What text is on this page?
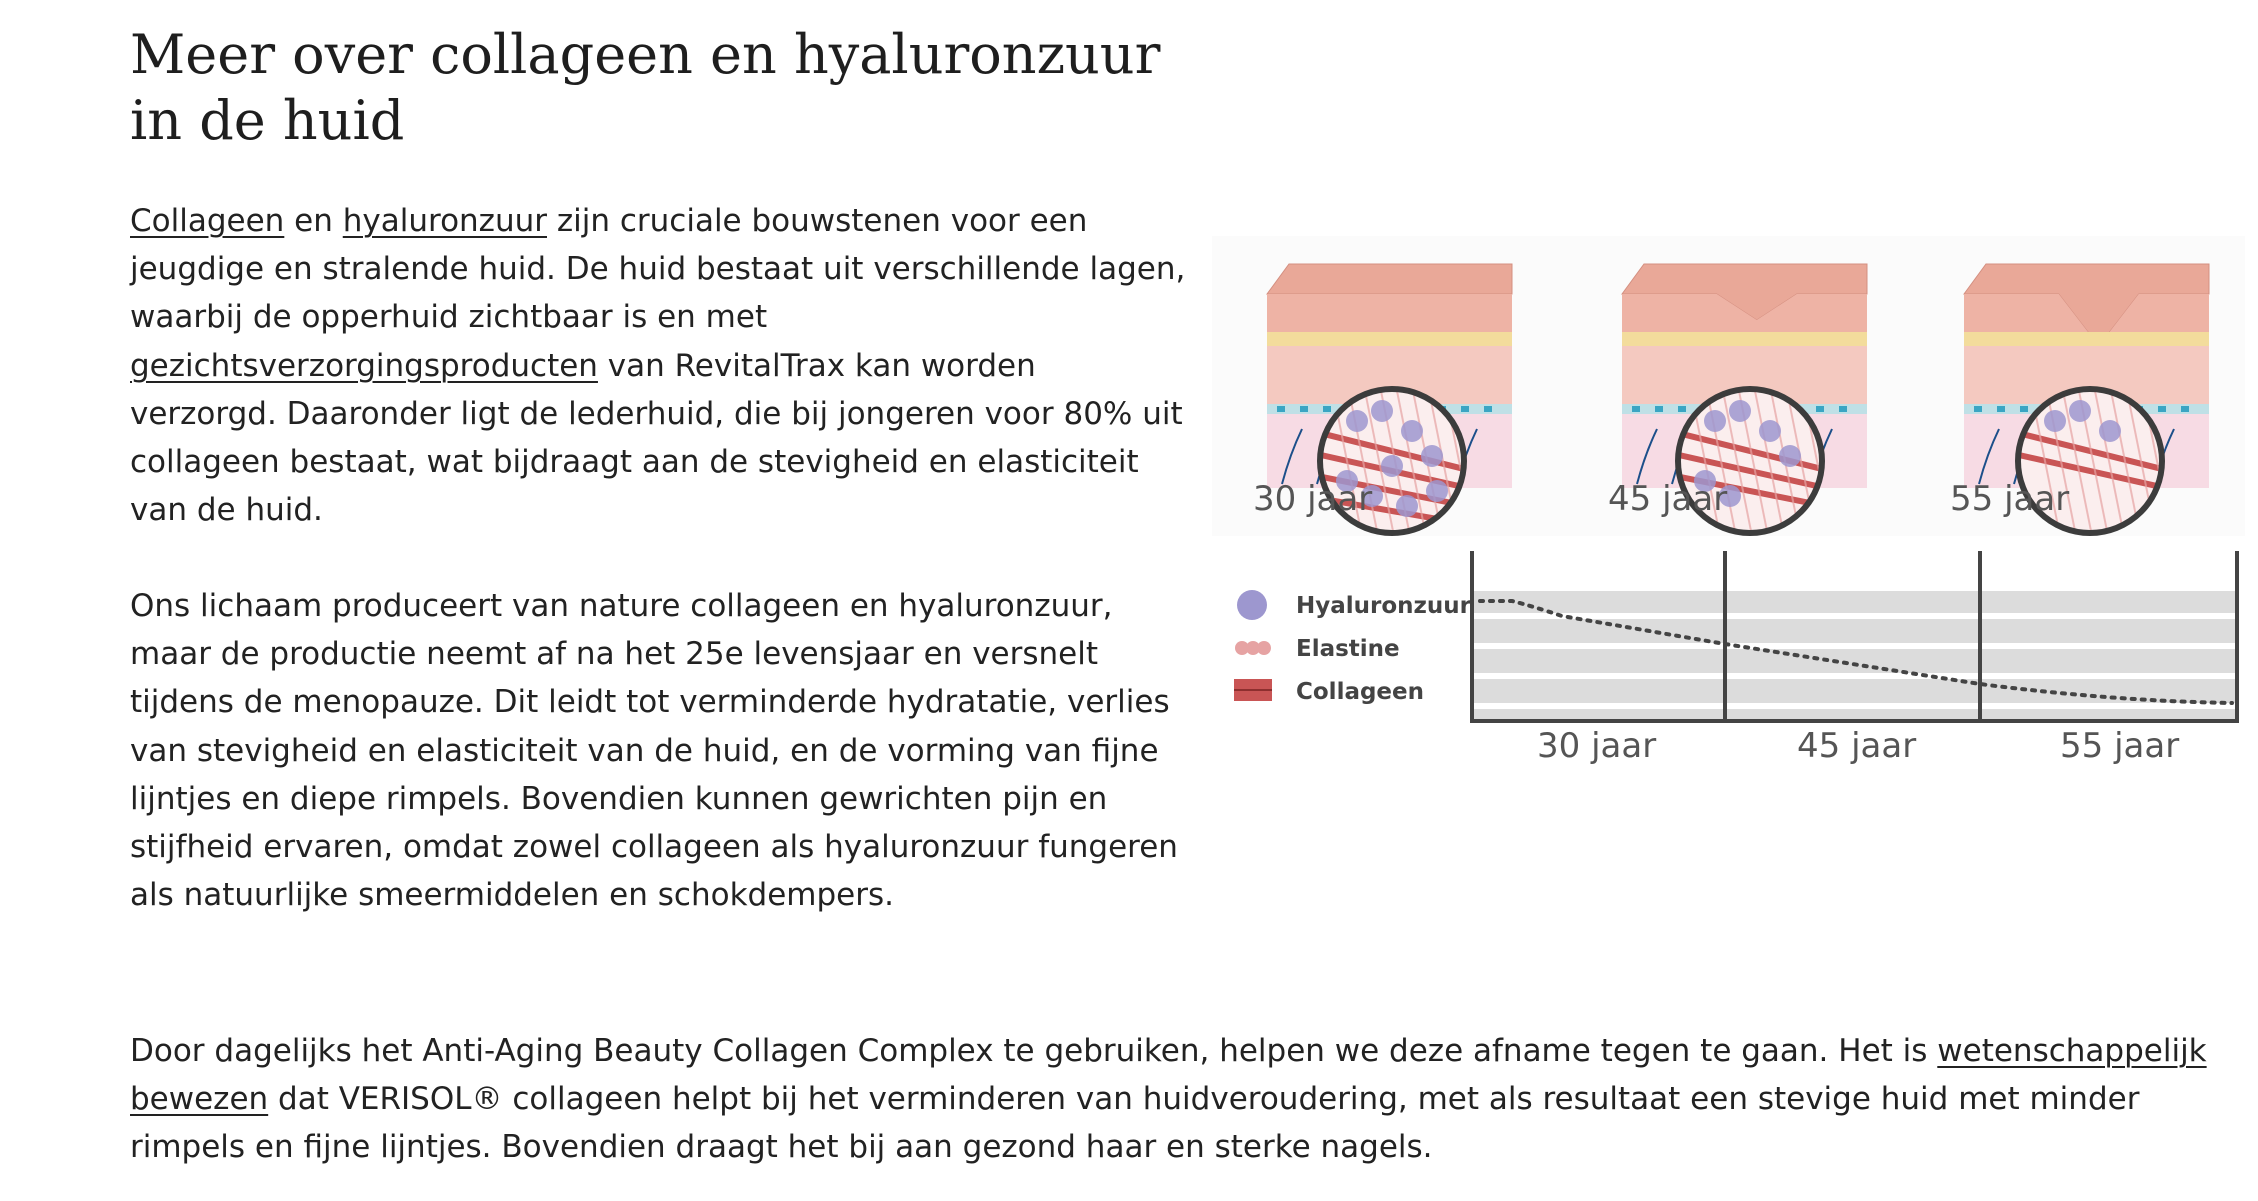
Meer over collageen en hyaluronzuur in de huid

Collageen en hyaluronzuur zijn cruciale bouwstenen voor een jeugdige en stralende huid. De huid bestaat uit verschillende lagen, waarbij de opperhuid zichtbaar is en met gezichtsverzorgingsproducten van RevitalTrax kan worden verzorgd. Daaronder ligt de lederhuid, die bij jongeren voor 80% uit collageen bestaat, wat bijdraagt aan de stevigheid en elasticiteit van de huid.

Ons lichaam produceert van nature collageen en hyaluronzuur, maar de productie neemt af na het 25e levensjaar en versnelt tijdens de menopauze. Dit leidt tot verminderde hydratatie, verlies van stevigheid en elasticiteit van de huid, en de vorming van fijne lijntjes en diepe rimpels. Bovendien kunnen gewrichten pijn en stijfheid ervaren, omdat zowel collageen als hyaluronzuur fungeren als natuurlijke smeermiddelen en schokdempers.

Door dagelijks het Anti-Aging Beauty Collagen Complex te gebruiken, helpen we deze afname tegen te gaan. Het is wetenschappelijk bewezen dat VERISOL® collageen helpt bij het verminderen van huidveroudering, met als resultaat een stevige huid met minder rimpels en fijne lijntjes. Bovendien draagt het bij aan gezond haar en sterke nagels.

30 jaar	45 jaar	55 jaar
Hyaluronzuur
Elastine
Collageen
30 jaar	45 jaar	55 jaar
